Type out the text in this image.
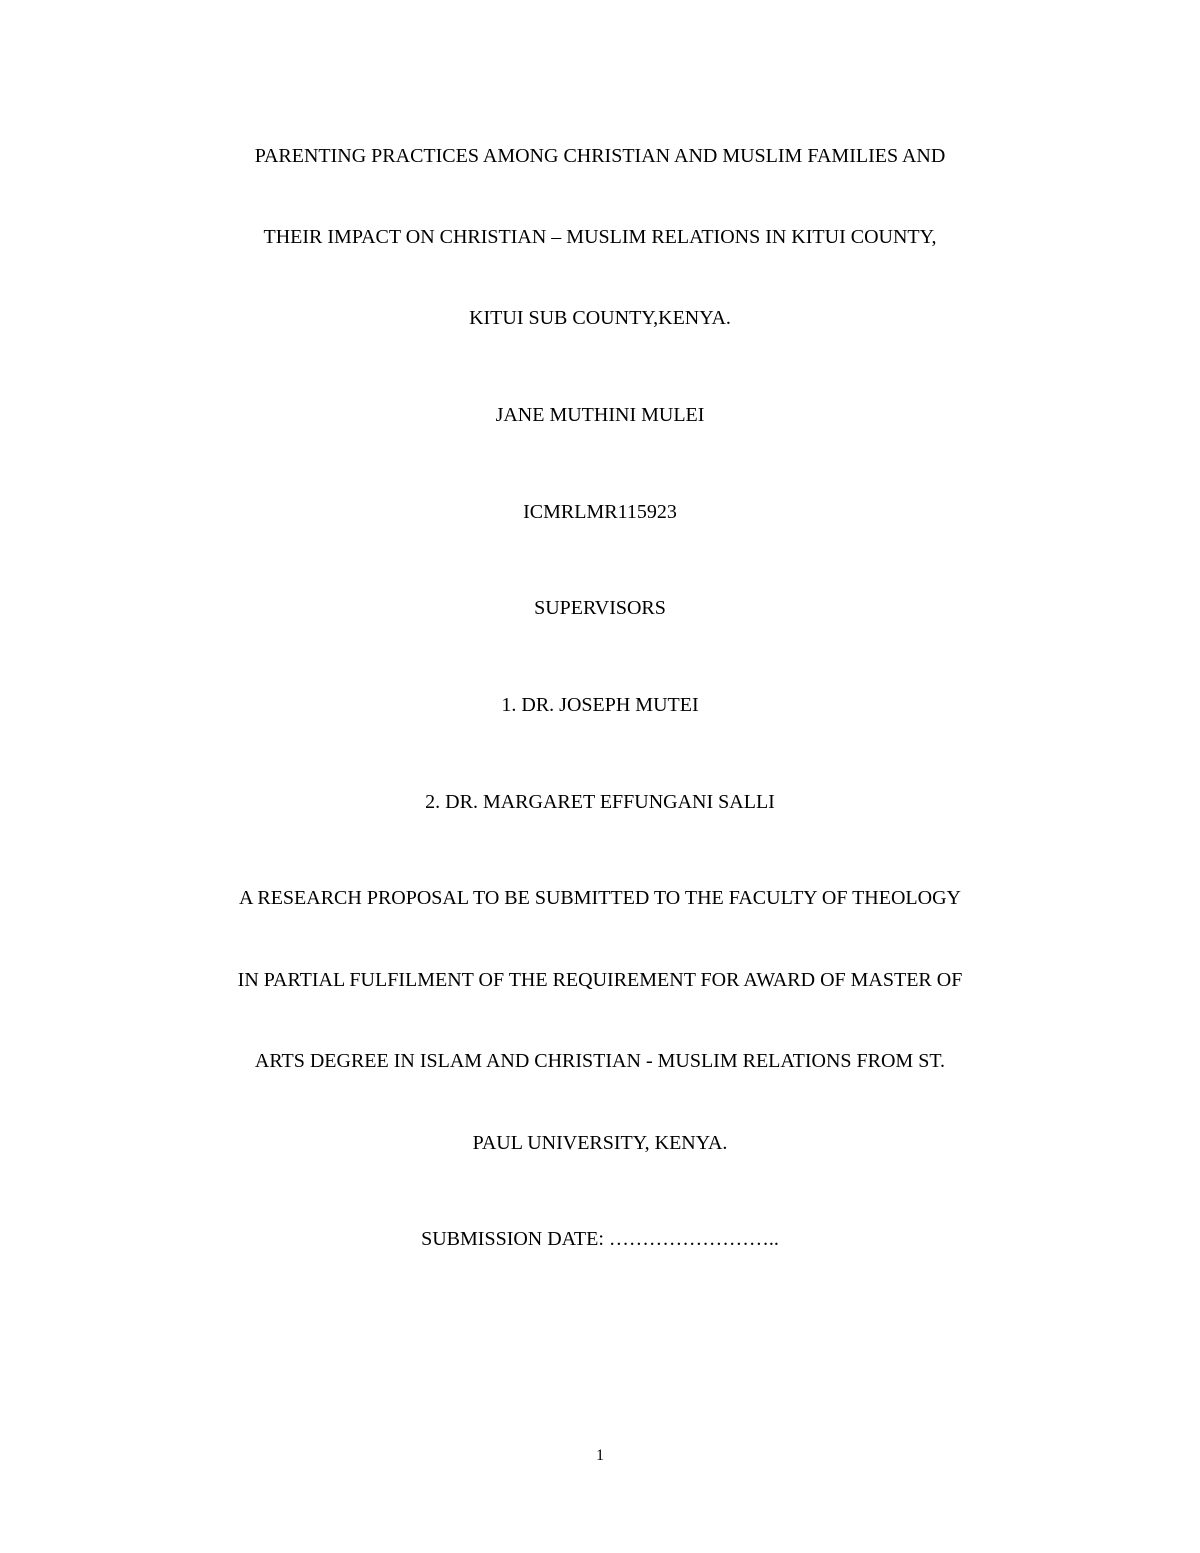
PARENTING PRACTICES AMONG CHRISTIAN AND MUSLIM FAMILIES AND
THEIR IMPACT ON CHRISTIAN – MUSLIM RELATIONS IN KITUI COUNTY,
KITUI SUB COUNTY,KENYA.
JANE MUTHINI MULEI
ICMRLMR115923
SUPERVISORS
1. DR. JOSEPH MUTEI
2. DR. MARGARET EFFUNGANI SALLI
A RESEARCH PROPOSAL TO BE SUBMITTED TO THE FACULTY OF THEOLOGY
IN PARTIAL FULFILMENT OF THE REQUIREMENT FOR AWARD OF MASTER OF
ARTS DEGREE IN ISLAM AND CHRISTIAN - MUSLIM RELATIONS FROM ST.
PAUL UNIVERSITY, KENYA.
SUBMISSION DATE: ……………………..
1
